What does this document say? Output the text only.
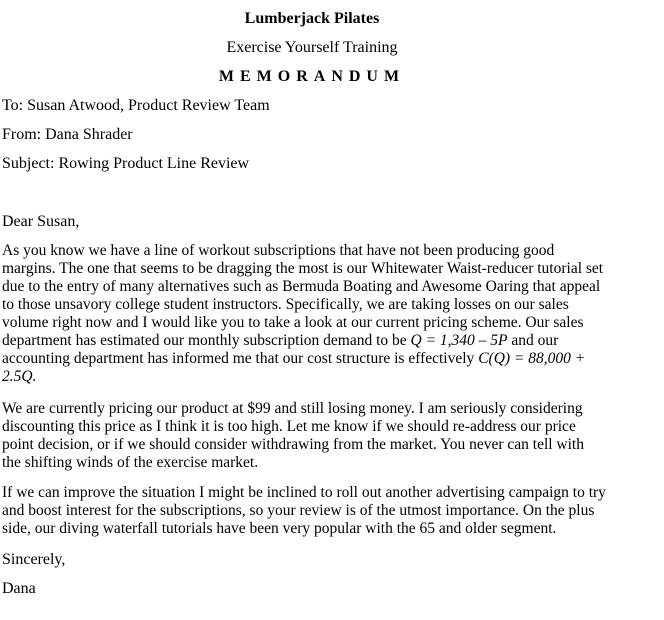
Lumberjack Pilates
Exercise Yourself Training
MEMORANDUM
To: Susan Atwood, Product Review Team
From: Dana Shrader
Subject: Rowing Product Line Review
Dear Susan,
As you know we have a line of workout subscriptions that have not been producing good
margins. The one that seems to be dragging the most is our Whitewater Waist-reducer tutorial set
due to the entry of many alternatives such as Bermuda Boating and Awesome Oaring that appeal
to those unsavory college student instructors. Specifically, we are taking losses on our sales
volume right now and I would like you to take a look at our current pricing scheme. Our sales
department has estimated our monthly subscription demand to be Q = 1,340 – 5P and our
accounting department has informed me that our cost structure is effectively C(Q) = 88,000 +
2.5Q.
We are currently pricing our product at $99 and still losing money. I am seriously considering
discounting this price as I think it is too high. Let me know if we should re-address our price
point decision, or if we should consider withdrawing from the market. You never can tell with
the shifting winds of the exercise market.
If we can improve the situation I might be inclined to roll out another advertising campaign to try
and boost interest for the subscriptions, so your review is of the utmost importance. On the plus
side, our diving waterfall tutorials have been very popular with the 65 and older segment.
Sincerely,
Dana
